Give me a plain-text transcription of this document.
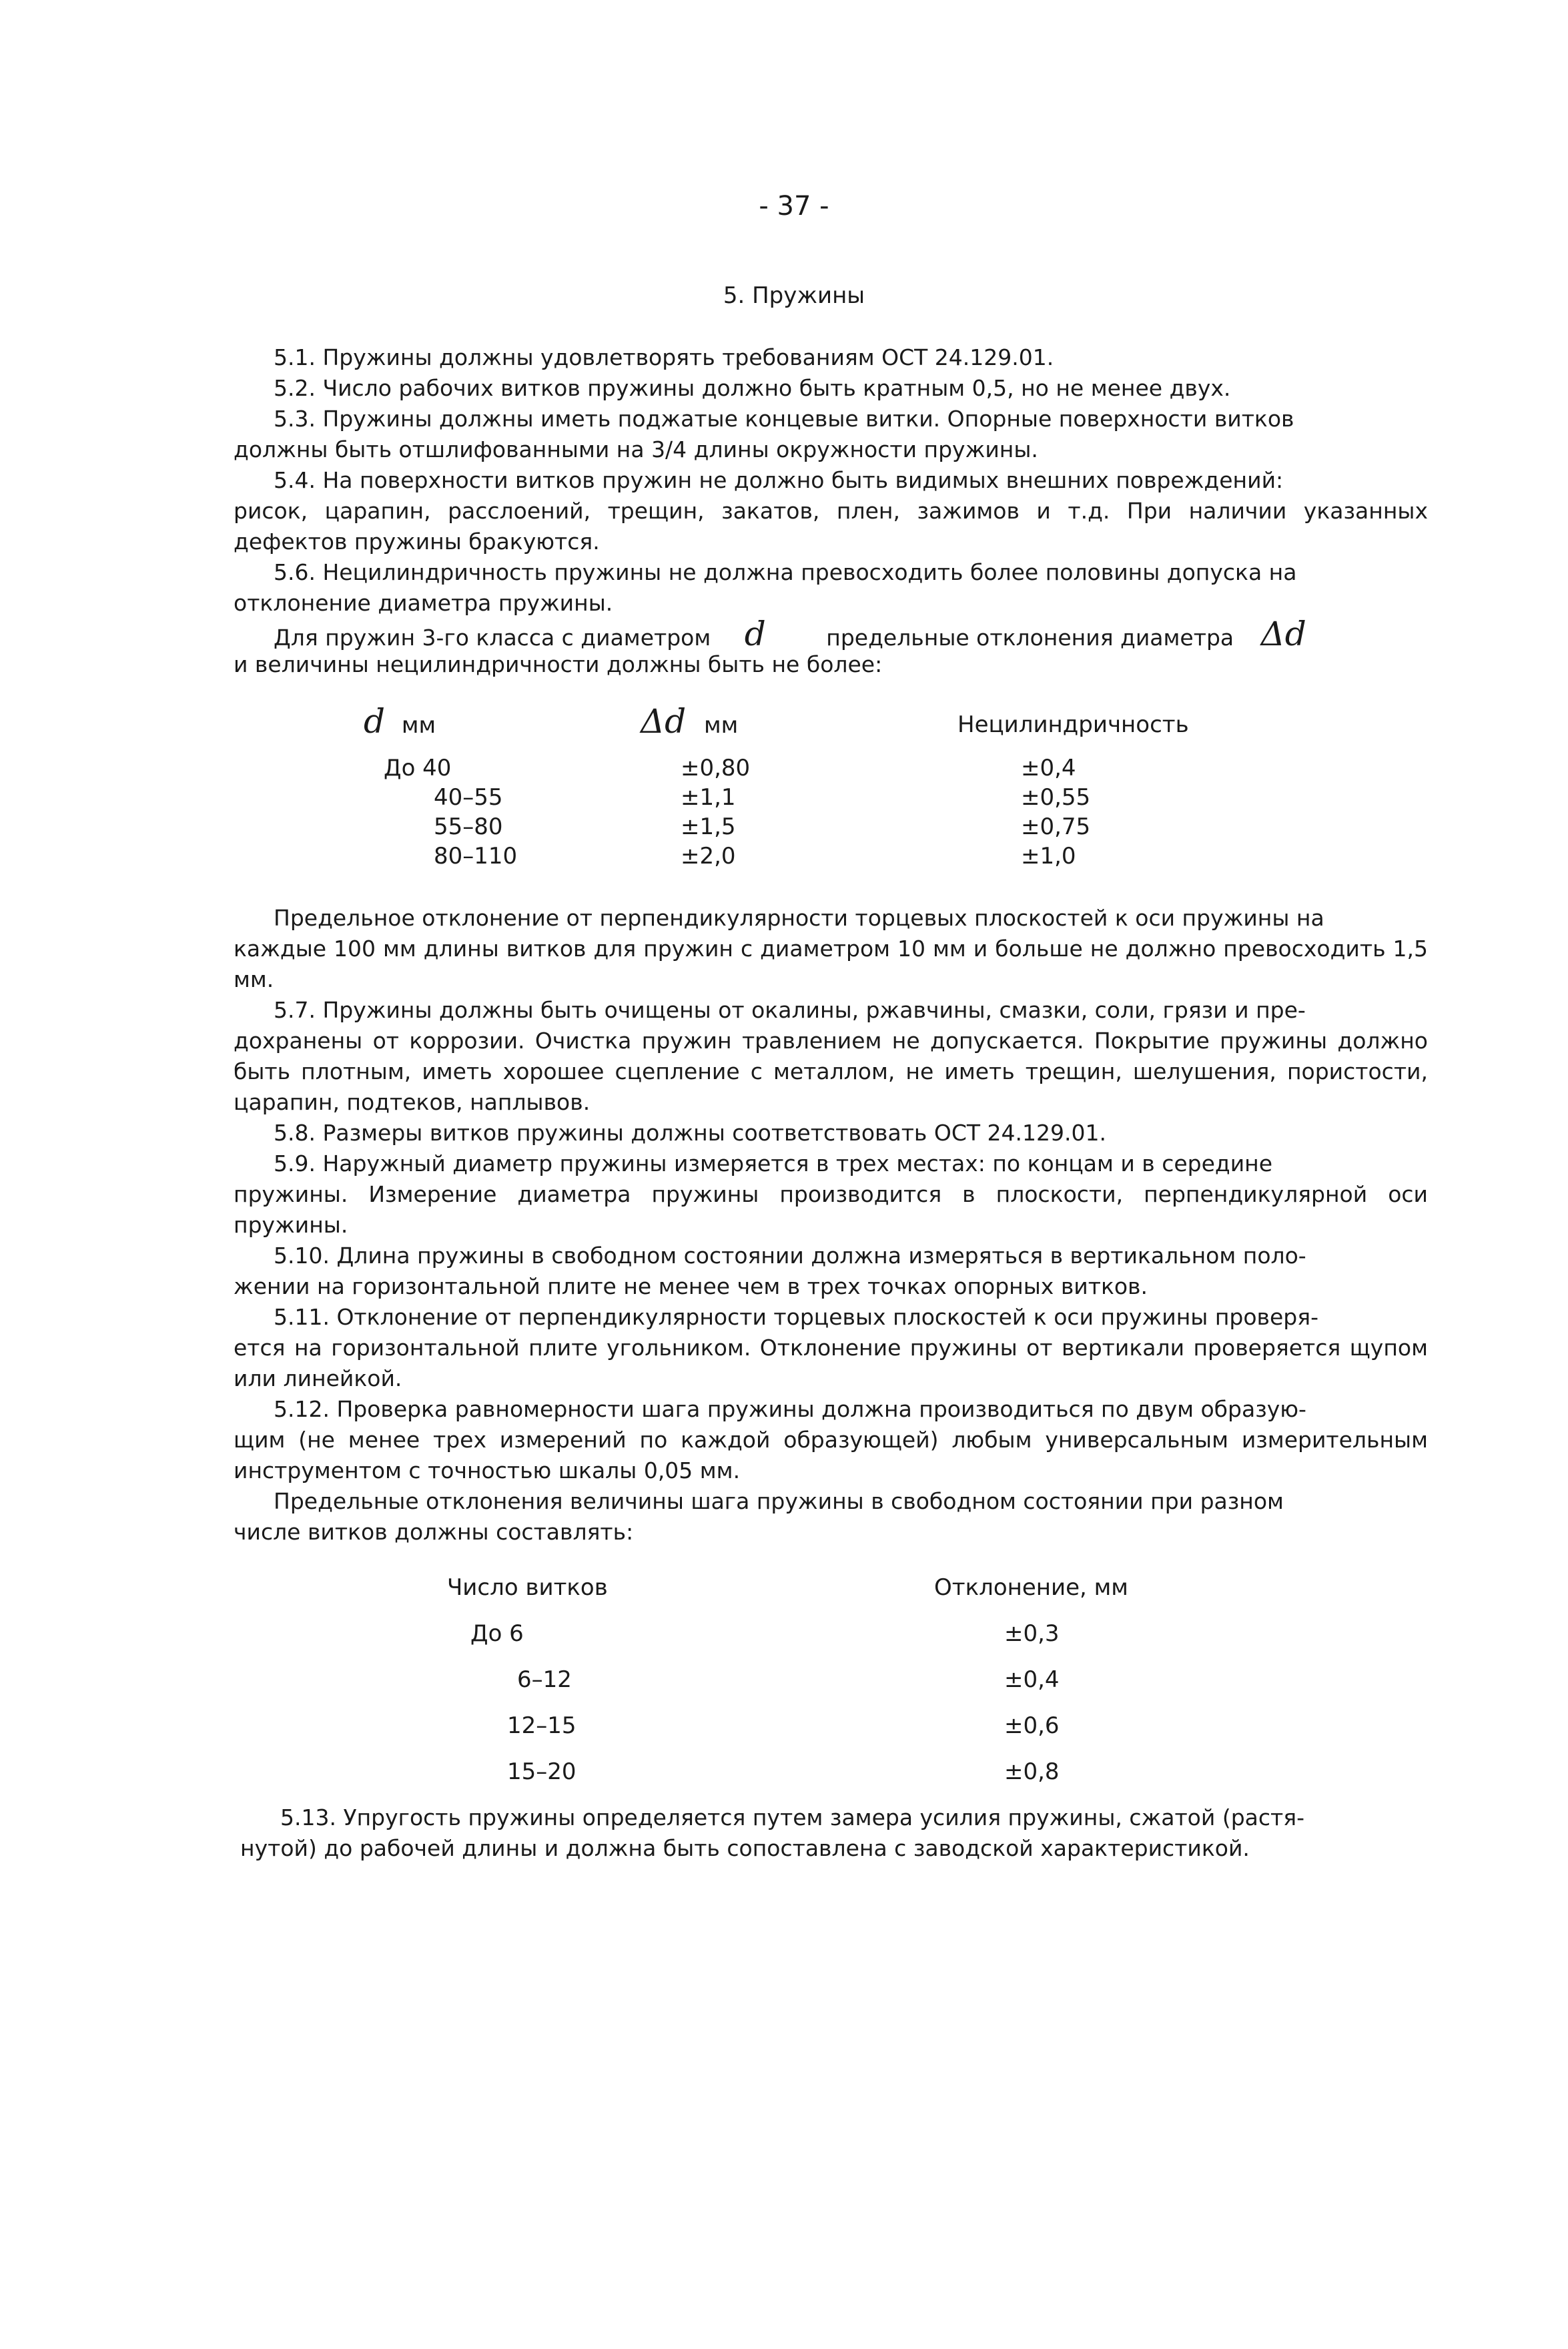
- 37 -
5. Пружины
5.1. Пружины должны удовлетворять требованиям ОСТ 24.129.01.
5.2. Число рабочих витков пружины должно быть кратным 0,5, но не менее двух.
5.3. Пружины должны иметь поджатые концевые витки. Опорные поверхности витков
должны быть отшлифованными на 3/4 длины окружности пружины.
5.4. На поверхности витков пружин не должно быть видимых внешних повреждений:
рисок, царапин, расслоений, трещин, закатов, плен, зажимов и т.д. При наличии указанных дефектов пружины бракуются.
5.6. Нецилиндричность пружины не должна превосходить более половины допуска на
отклонение диаметра пружины.
Для пружин 3-го класса с диаметром d	предельные отклонения диаметра Δd
и величины нецилиндричности должны быть не более:
d мм	Δd мм	Нецилиндричность
До 40	±0,80	±0,4
40–55	±1,1	±0,55
55–80	±1,5	±0,75
80–110	±2,0	±1,0
Предельное отклонение от перпендикулярности торцевых плоскостей к оси пружины на
каждые 100 мм длины витков для пружин с диаметром 10 мм и больше не должно превосходить 1,5 мм.
5.7. Пружины должны быть очищены от окалины, ржавчины, смазки, соли, грязи и пре-
дохранены от коррозии. Очистка пружин травлением не допускается. Покрытие пружины должно быть плотным, иметь хорошее сцепление с металлом, не иметь трещин, шелушения, пористости, царапин, подтеков, наплывов.
5.8. Размеры витков пружины должны соответствовать ОСТ 24.129.01.
5.9. Наружный диаметр пружины измеряется в трех местах: по концам и в середине
пружины. Измерение диаметра пружины производится в плоскости, перпендикулярной оси пружины.
5.10. Длина пружины в свободном состоянии должна измеряться в вертикальном поло-
жении на горизонтальной плите не менее чем в трех точках опорных витков.
5.11. Отклонение от перпендикулярности торцевых плоскостей к оси пружины проверя-
ется на горизонтальной плите угольником. Отклонение пружины от вертикали проверяется щупом или линейкой.
5.12. Проверка равномерности шага пружины должна производиться по двум образую-
щим (не менее трех измерений по каждой образующей) любым универсальным измерительным инструментом с точностью шкалы 0,05 мм.
Предельные отклонения величины шага пружины в свободном состоянии при разном
числе витков должны составлять:
Число витков	Отклонение, мм
До 6	±0,3
6–12	±0,4
12–15	±0,6
15–20	±0,8
5.13. Упругость пружины определяется путем замера усилия пружины, сжатой (растя-
нутой) до рабочей длины и должна быть сопоставлена с заводской характеристикой.
